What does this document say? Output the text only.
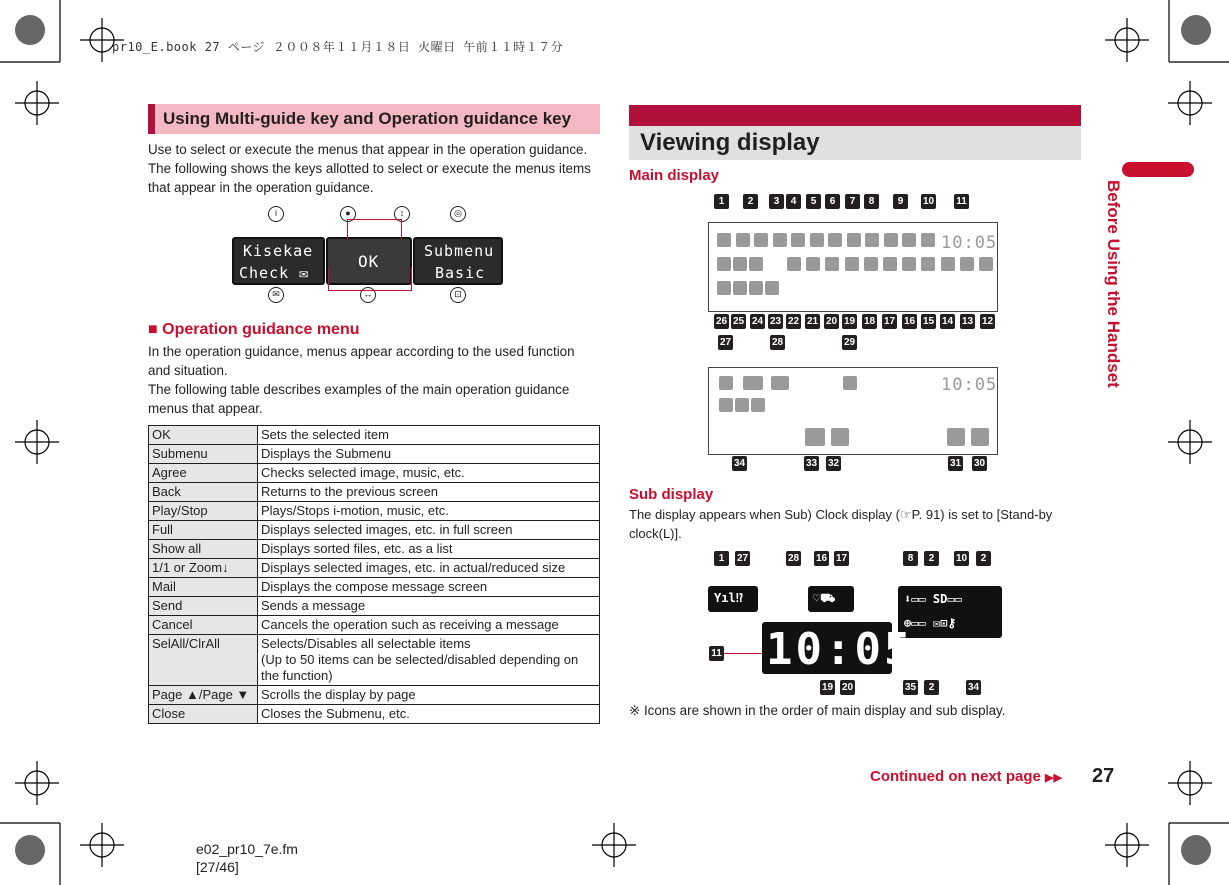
pr10_E.book 27 ページ ２００８年１１月１８日 火曜日 午前１１時１７分
Using Multi-guide key and Operation guidance key
Use to select or execute the menus that appear in the operation guidance. The following shows the keys allotted to select or execute the menus items that appear in the operation guidance.
i	●	↕	◎
Kisekae
Check ✉
OK
Submenu
Basic
✉	↔	⊡
■ Operation guidance menu
In the operation guidance, menus appear according to the used function and situation.
The following table describes examples of the main operation guidance menus that appear.
OK	Sets the selected item
Submenu	Displays the Submenu
Agree	Checks selected image, music, etc.
Back	Returns to the previous screen
Play/Stop	Plays/Stops i-motion, music, etc.
Full	Displays selected images, etc. in full screen
Show all	Displays sorted files, etc. as a list
1/1 or Zoom↓	Displays selected images, etc. in actual/reduced size
Mail	Displays the compose message screen
Send	Sends a message
Cancel	Cancels the operation such as receiving a message
SelAll/ClrAll	Selects/Disables all selectable items
(Up to 50 items can be selected/disabled depending on the function)
Page ▲/Page ▼	Scrolls the display by page
Close	Closes the Submenu, etc.
Viewing display
Main display
1	2	3	4	5	6	7	8	9	10 11
10:05
26 25 24 23 22 21 20 19 18 17 16 15 14 13 12
27	28	29
10:05
34	33 32	31 30
Sub display
The display appears when Sub) Clock display (☞P. 91) is set to [Stand-by clock(L)].
1	27	28 16 17	8	2	10	2
11
Yıl⁉	♡⛟	⬇▭▭ SD▭▭
⊕▭▭ ✉⊡⚷
10:05
19 20	35	2	34
※ Icons are shown in the order of main display and sub display.
Before Using the Handset
Continued on next page ▶▶ 27
e02_pr10_7e.fm
[27/46]
